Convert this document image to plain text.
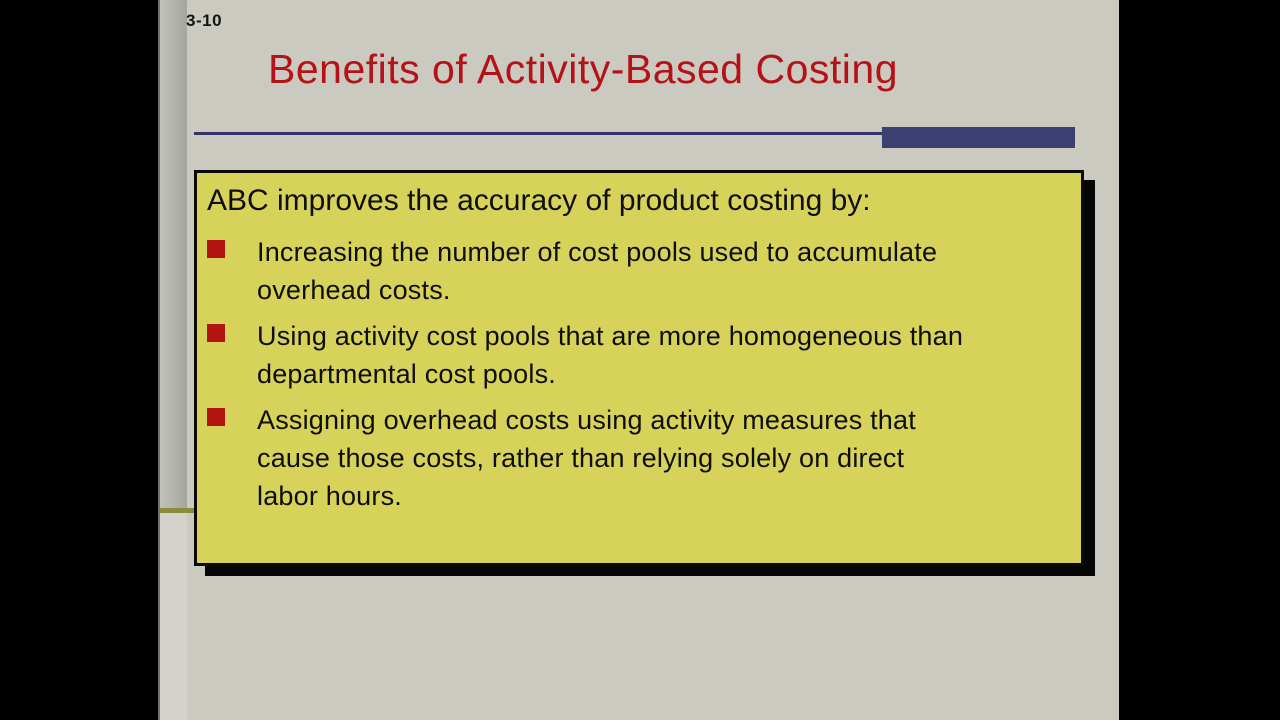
3-10
Benefits of Activity-Based Costing
ABC improves the accuracy of product costing by:
Increasing the number of cost pools used to accumulate
overhead costs.
Using activity cost pools that are more homogeneous than
departmental cost pools.
Assigning overhead costs using activity measures that
cause those costs, rather than relying solely on direct
labor hours.
